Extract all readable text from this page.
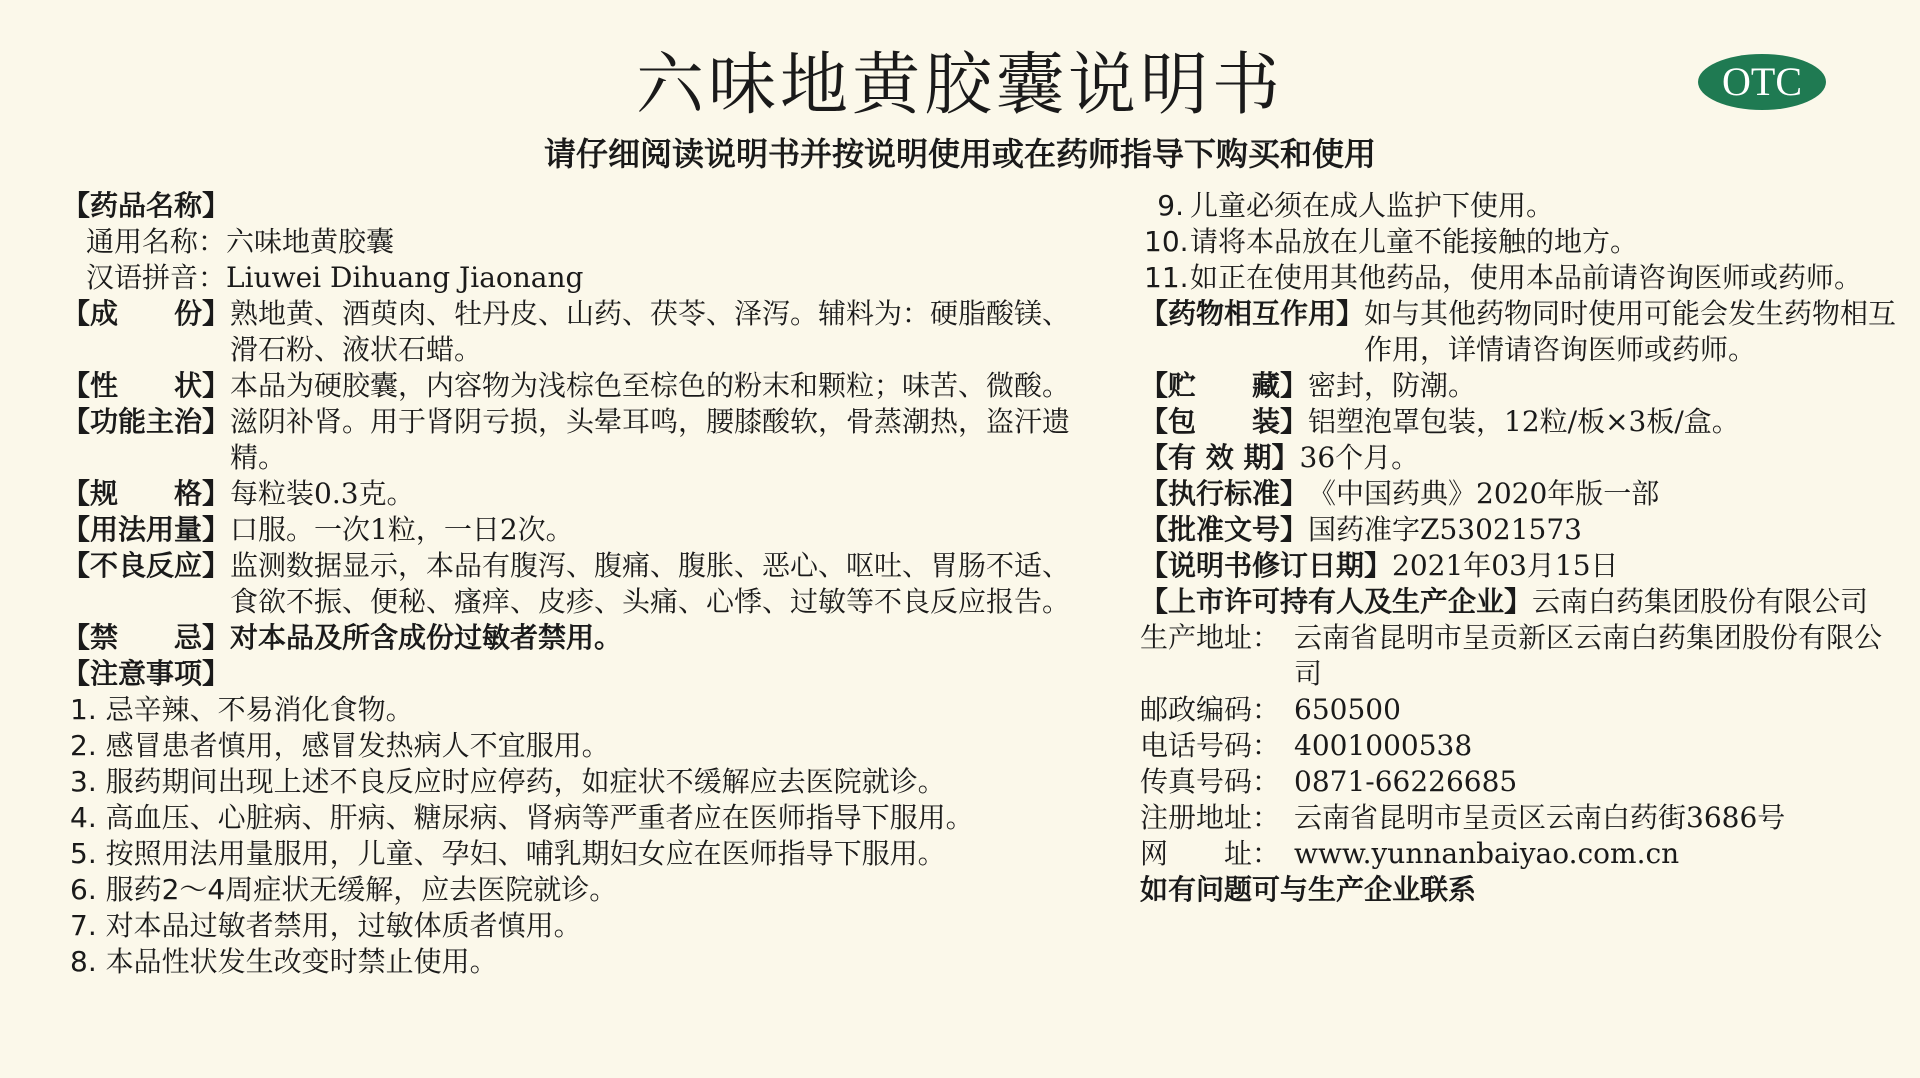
六味地黄胶囊说明书	OTC
请仔细阅读说明书并按说明使用或在药师指导下购买和使用
【药品名称】
通用名称：六味地黄胶囊
汉语拼音：Liuwei Dihuang Jiaonang
【成　　份】 熟地黄、酒萸肉、牡丹皮、山药、茯苓、泽泻。辅料为：硬脂酸镁、滑石粉、液状石蜡。
【性　　状】 本品为硬胶囊，内容物为浅棕色至棕色的粉末和颗粒；味苦、微酸。
【功能主治】 滋阴补肾。用于肾阴亏损，头晕耳鸣，腰膝酸软，骨蒸潮热，盗汗遗精。
【规　　格】 每粒装0.3克。
【用法用量】 口服。一次1粒，一日2次。
【不良反应】 监测数据显示，本品有腹泻、腹痛、腹胀、恶心、呕吐、胃肠不适、食欲不振、便秘、瘙痒、皮疹、头痛、心悸、过敏等不良反应报告。
【禁　　忌】 对本品及所含成份过敏者禁用。
【注意事项】
1. 忌辛辣、不易消化食物。
2. 感冒患者慎用，感冒发热病人不宜服用。
3. 服药期间出现上述不良反应时应停药，如症状不缓解应去医院就诊。
4. 高血压、心脏病、肝病、糖尿病、肾病等严重者应在医师指导下服用。
5. 按照用法用量服用，儿童、孕妇、哺乳期妇女应在医师指导下服用。
6. 服药2～4周症状无缓解，应去医院就诊。
7. 对本品过敏者禁用，过敏体质者慎用。
8. 本品性状发生改变时禁止使用。
9. 儿童必须在成人监护下使用。
10. 请将本品放在儿童不能接触的地方。
11. 如正在使用其他药品，使用本品前请咨询医师或药师。
【药物相互作用】 如与其他药物同时使用可能会发生药物相互作用，详情请咨询医师或药师。
【贮　　藏】 密封，防潮。
【包　　装】 铝塑泡罩包装，12粒/板×3板/盒。
【有 效 期】 36个月。
【执行标准】 《中国药典》2020年版一部
【批准文号】 国药准字Z53021573
【说明书修订日期】 2021年03月15日
【上市许可持有人及生产企业】云南白药集团股份有限公司
生产地址： 云南省昆明市呈贡新区云南白药集团股份有限公司
邮政编码： 650500
电话号码： 4001000538
传真号码： 0871-66226685
注册地址： 云南省昆明市呈贡区云南白药街3686号
网　　址： www.yunnanbaiyao.com.cn
如有问题可与生产企业联系
